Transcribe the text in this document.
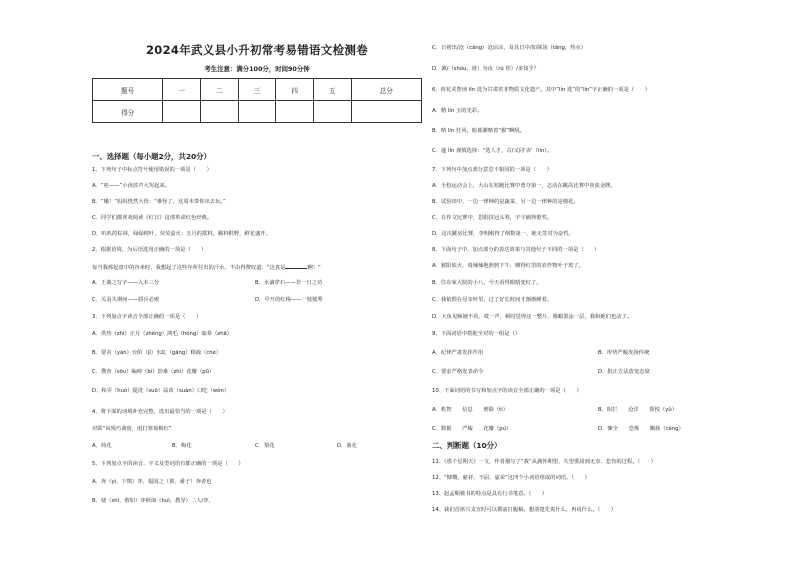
2024年武义县小升初常考易错语文检测卷
考生注意：满分100分，时间90分钟
题号	一	二	三	四	五	总分
得分						
一、选择题（每小题2分，共20分）
1、下列句子中标点符号使用错误的一项是（　　）
A．“哇——”小孩放声大哭起来。
B．“哦！”妈妈恍然大悟：“难怪了，这周末带你出去玩。”
C．同学们都喜欢阅读《红日》这部革命红色经典。
D．叭叭的棕林，绿绿树叶，荧荧萤火；五月的摇料，稀料鞋野，鲜花盛开。
2、根据语境，为后语选用正确的一项是（　　）
每当我捧起盘中的谷米时，我想起了这些年所付出的汗水，不由得赞叹道：“这真是	啊！”
A．王羲之写字——入木三分	B．水滴穿石——非一日之功
C．关羽失荆州——骄兵必败	D．早开的红梅——一枝独秀
3、下列加点字读音全部正确的一项是（　　）
A．供热（zhì）正月（zhēng）鸿毛（hóng）眩晕（zhā）
B．要舍（yàn）台阶（jǐ）水缸（gāng）稍疏（chè）
C．搜查（sōu）编痹（bì）劫难（zhì）花瓣（pū）
D．和弄（huò）提洗（suō）蒜苗（suàn）口吃（wèn）
4、将下面的词填补充完整，选出最恰当的一项是（　　）
对联“风残巧斋窗，雨打寒菊梅红”
A．荷花	B．梅花	C．梨花	D．菊花
5、下列加点字的读音、字义及型词语有都正确的一项是（　　）
A．奔（yì，下棋）弈，福国之（暮，番子）奔者也
B．使（shǐ，假如）弈秋诲（huì，教导）二人/弈，
C．日初出/沧（cāng）沧凉凉，及其日中/如探汤（tāng，热水）
D．孰/（shóu，谁）为汝（rú 你）/多知乎？
6、荷花美智读 lín 选为甘肃省非物质文化遗产。其中“lín 选”的“lín”字正确的一项是（　　）
A．精 lín 玉的光彩。
B．晴 lín 狂风，暗暮潮晴着“猴”啊吼。
C．遂 lín 谨慎选择：“选人才，古/又同‘吝’（lín）。
7、下列句中加点部分意思不相同的一项是（　　）
A．全校运动会上，大山在短跑比赛中勇夺第一，志活在跳高比赛中喜获金牌。
B．试验田中，一边一律种的是蔬菜，另一边一律种的是棉花。
C．在作文比赛中，思阳技冠头筹，宇宇痛得银奖。
D．这次跳房比赛，李明刚得了倒数第一，她无签对为奋哲。
8、下面句子中，加点部分的表达效果与其他句子不同的一项是（　　）
A．猴阳似火，毒辣辣地照到下午，晒得红里的农作物叶子蔫了。
B．住东家大院的小八，今天看得眼睛变红了。
C．我依偎在母亲怀里，过了好长时间才渐渐睡着。
D．大鱼见鲸她不看，哎一声，顿时觉得这一整片，像蜡墨涂一层，我和她们也动了。
9、下面词语中搭配全对的一组是（）
A．纪律严肃发挥作用	B．形势严峻发扬传统
C．要求严格发表命令	D．批正方法改变态度
10、下面词语的书写和加点字的读音全部正确的一项是（　　）
A．机智　　信息　　刑除（tì）	B．阻拦　　沧洋　　领悦（yǔ）
C．数据　　严峻　　花瓣（pú）	D．慷全　　恐怖　　飘扬（cáng）
二、判断题（10分）
11、《那个星期天》一文，作者描写了“我”从满怀期望、失望委屈到无奈、悲伤的过程。（　　）
12、“慷慨、慈祥、不屈、虚荣”这四个小词语组成的词语。（　　）
13、赵孟頫被书的特点是具有行书笔意。（　　）
14、我们首席兴支宣时可以撰前打腹稿，想清楚先说什么，再说什么。（　　）
